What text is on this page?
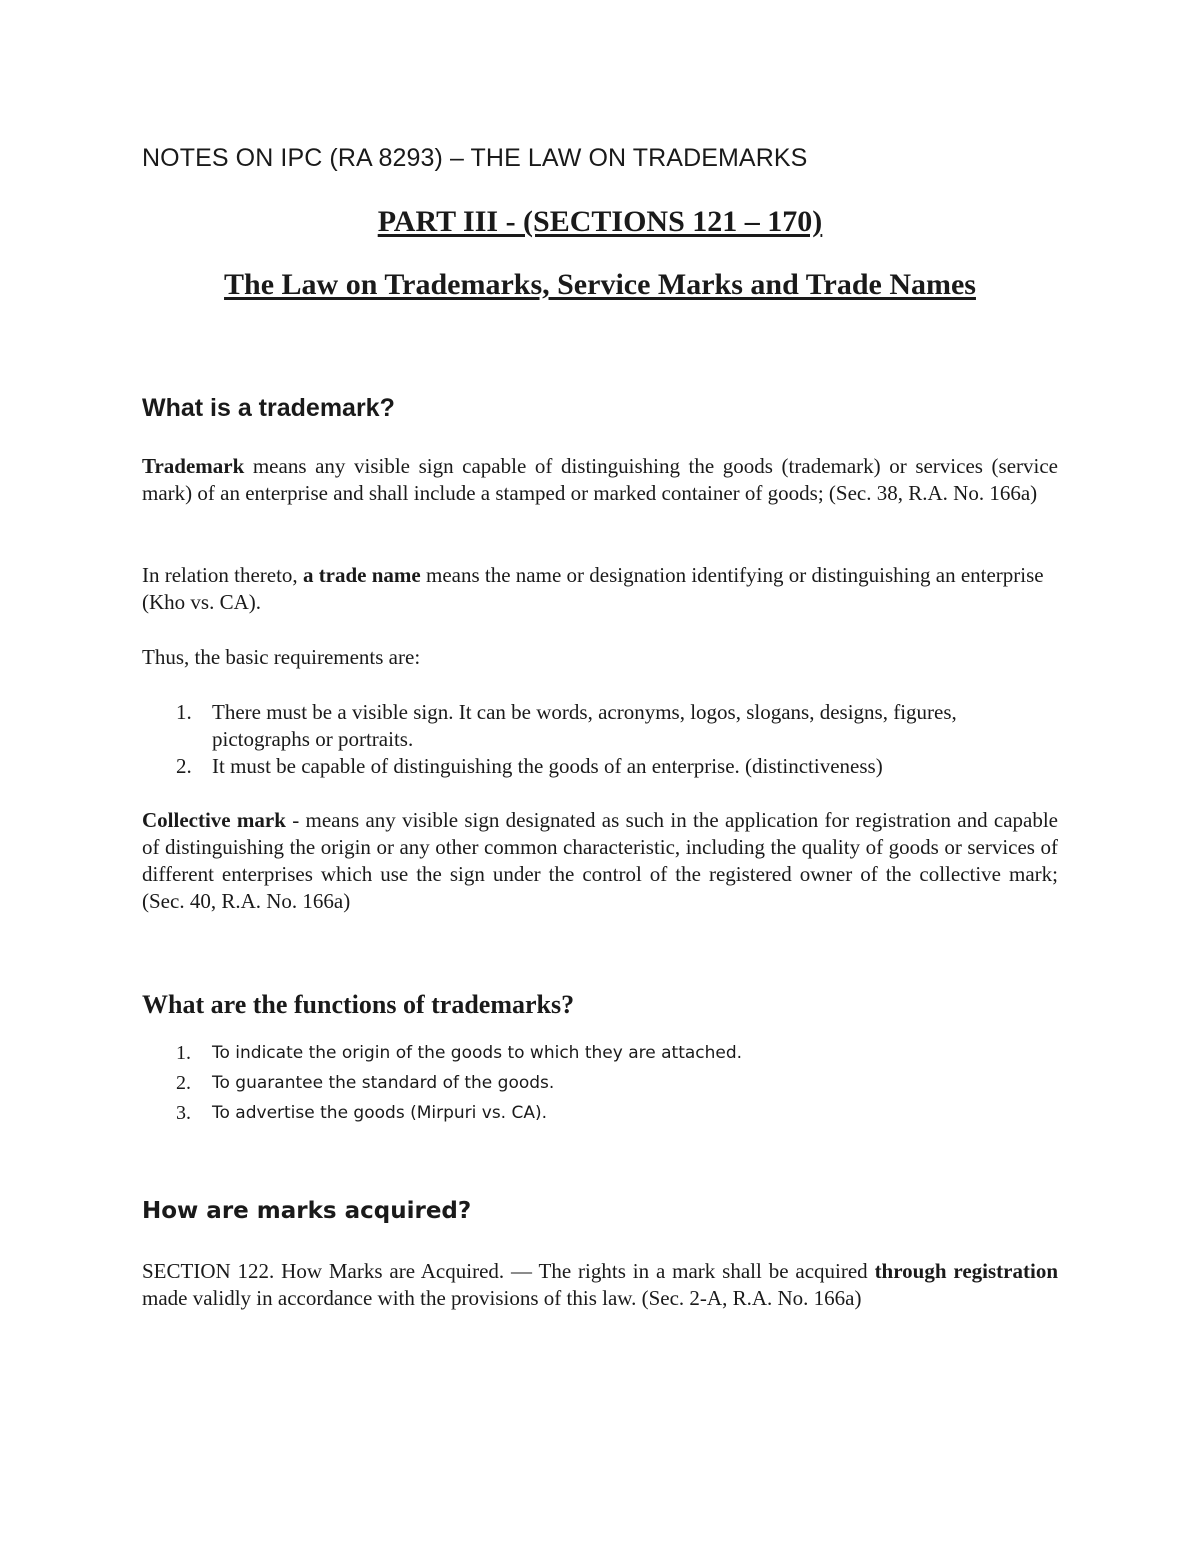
NOTES ON IPC (RA 8293) – THE LAW ON TRADEMARKS

PART III - (SECTIONS 121 – 170)

The Law on Trademarks, Service Marks and Trade Names

What is a trademark?

Trademark means any visible sign capable of distinguishing the goods (trademark) or services (service mark) of an enterprise and shall include a stamped or marked container of goods; (Sec. 38, R.A. No. 166a)

In relation thereto, a trade name means the name or designation identifying or distinguishing an enterprise (Kho vs. CA).

Thus, the basic requirements are:

1. There must be a visible sign. It can be words, acronyms, logos, slogans, designs, figures, pictographs or portraits.
2. It must be capable of distinguishing the goods of an enterprise. (distinctiveness)

Collective mark - means any visible sign designated as such in the application for registration and capable of distinguishing the origin or any other common characteristic, including the quality of goods or services of different enterprises which use the sign under the control of the registered owner of the collective mark; (Sec. 40, R.A. No. 166a)

What are the functions of trademarks?

1. To indicate the origin of the goods to which they are attached.
2. To guarantee the standard of the goods.
3. To advertise the goods (Mirpuri vs. CA).

How are marks acquired?

SECTION 122. How Marks are Acquired. — The rights in a mark shall be acquired through registration made validly in accordance with the provisions of this law. (Sec. 2-A, R.A. No. 166a)
